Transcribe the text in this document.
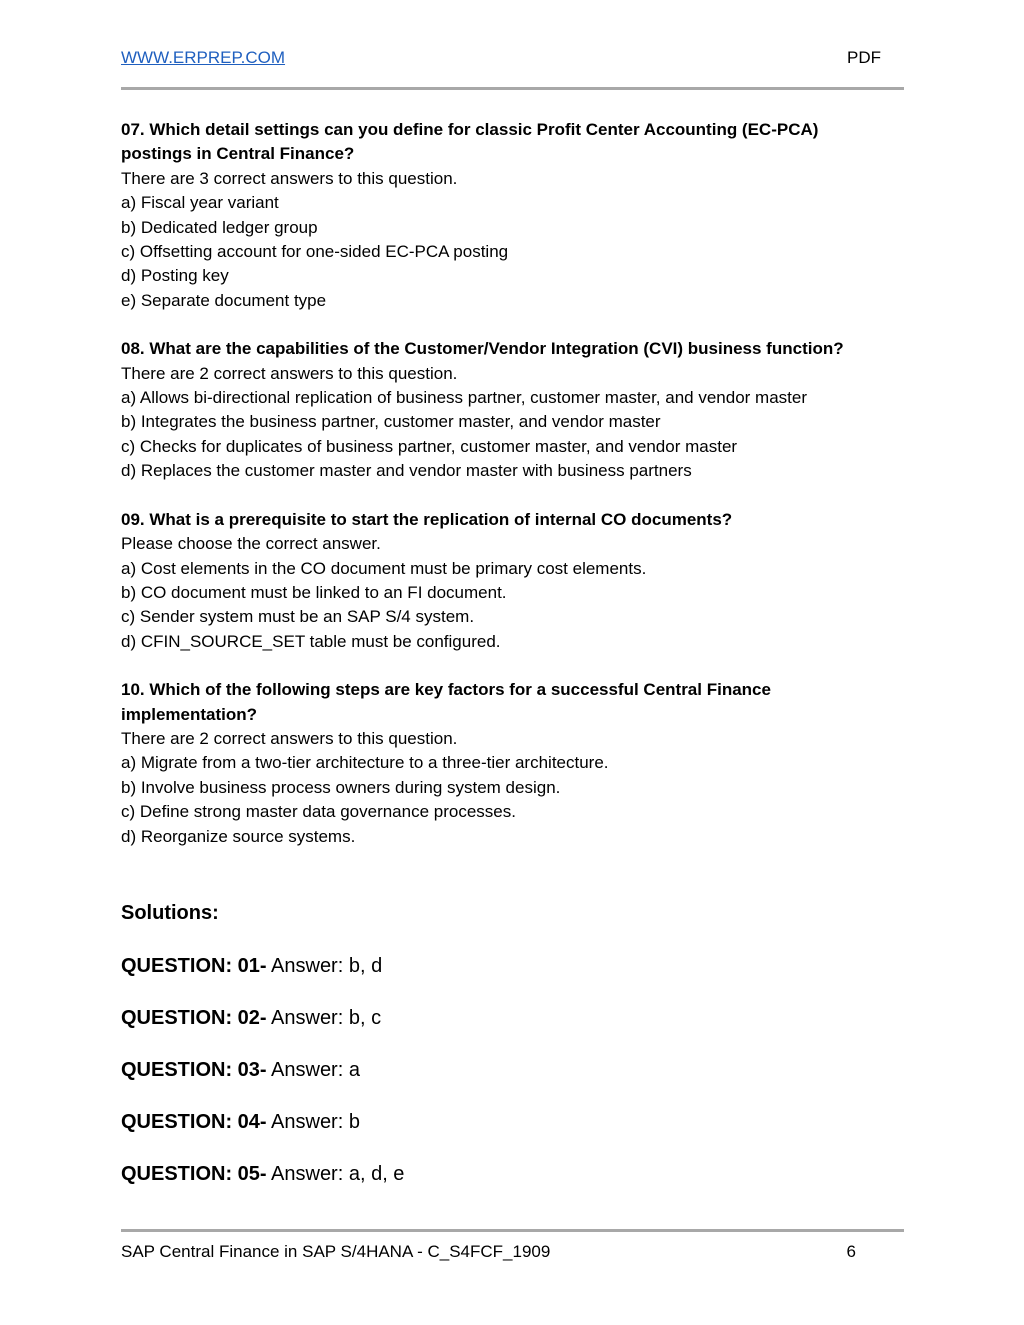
WWW.ERPREP.COM	PDF

07. Which detail settings can you define for classic Profit Center Accounting (EC-PCA) postings in Central Finance?

There are 3 correct answers to this question.

a) Fiscal year variant

b) Dedicated ledger group

c) Offsetting account for one-sided EC-PCA posting

d) Posting key

e) Separate document type

08. What are the capabilities of the Customer/Vendor Integration (CVI) business function?

There are 2 correct answers to this question.

a) Allows bi-directional replication of business partner, customer master, and vendor master

b) Integrates the business partner, customer master, and vendor master

c) Checks for duplicates of business partner, customer master, and vendor master

d) Replaces the customer master and vendor master with business partners

09. What is a prerequisite to start the replication of internal CO documents?

Please choose the correct answer.

a) Cost elements in the CO document must be primary cost elements.

b) CO document must be linked to an FI document.

c) Sender system must be an SAP S/4 system.

d) CFIN_SOURCE_SET table must be configured.

10. Which of the following steps are key factors for a successful Central Finance implementation?

There are 2 correct answers to this question.

a) Migrate from a two-tier architecture to a three-tier architecture.

b) Involve business process owners during system design.

c) Define strong master data governance processes.

d) Reorganize source systems.

Solutions:

QUESTION: 01- Answer: b, d

QUESTION: 02- Answer: b, c

QUESTION: 03- Answer: a

QUESTION: 04- Answer: b

QUESTION: 05- Answer: a, d, e

SAP Central Finance in SAP S/4HANA - C_S4FCF_1909	6
